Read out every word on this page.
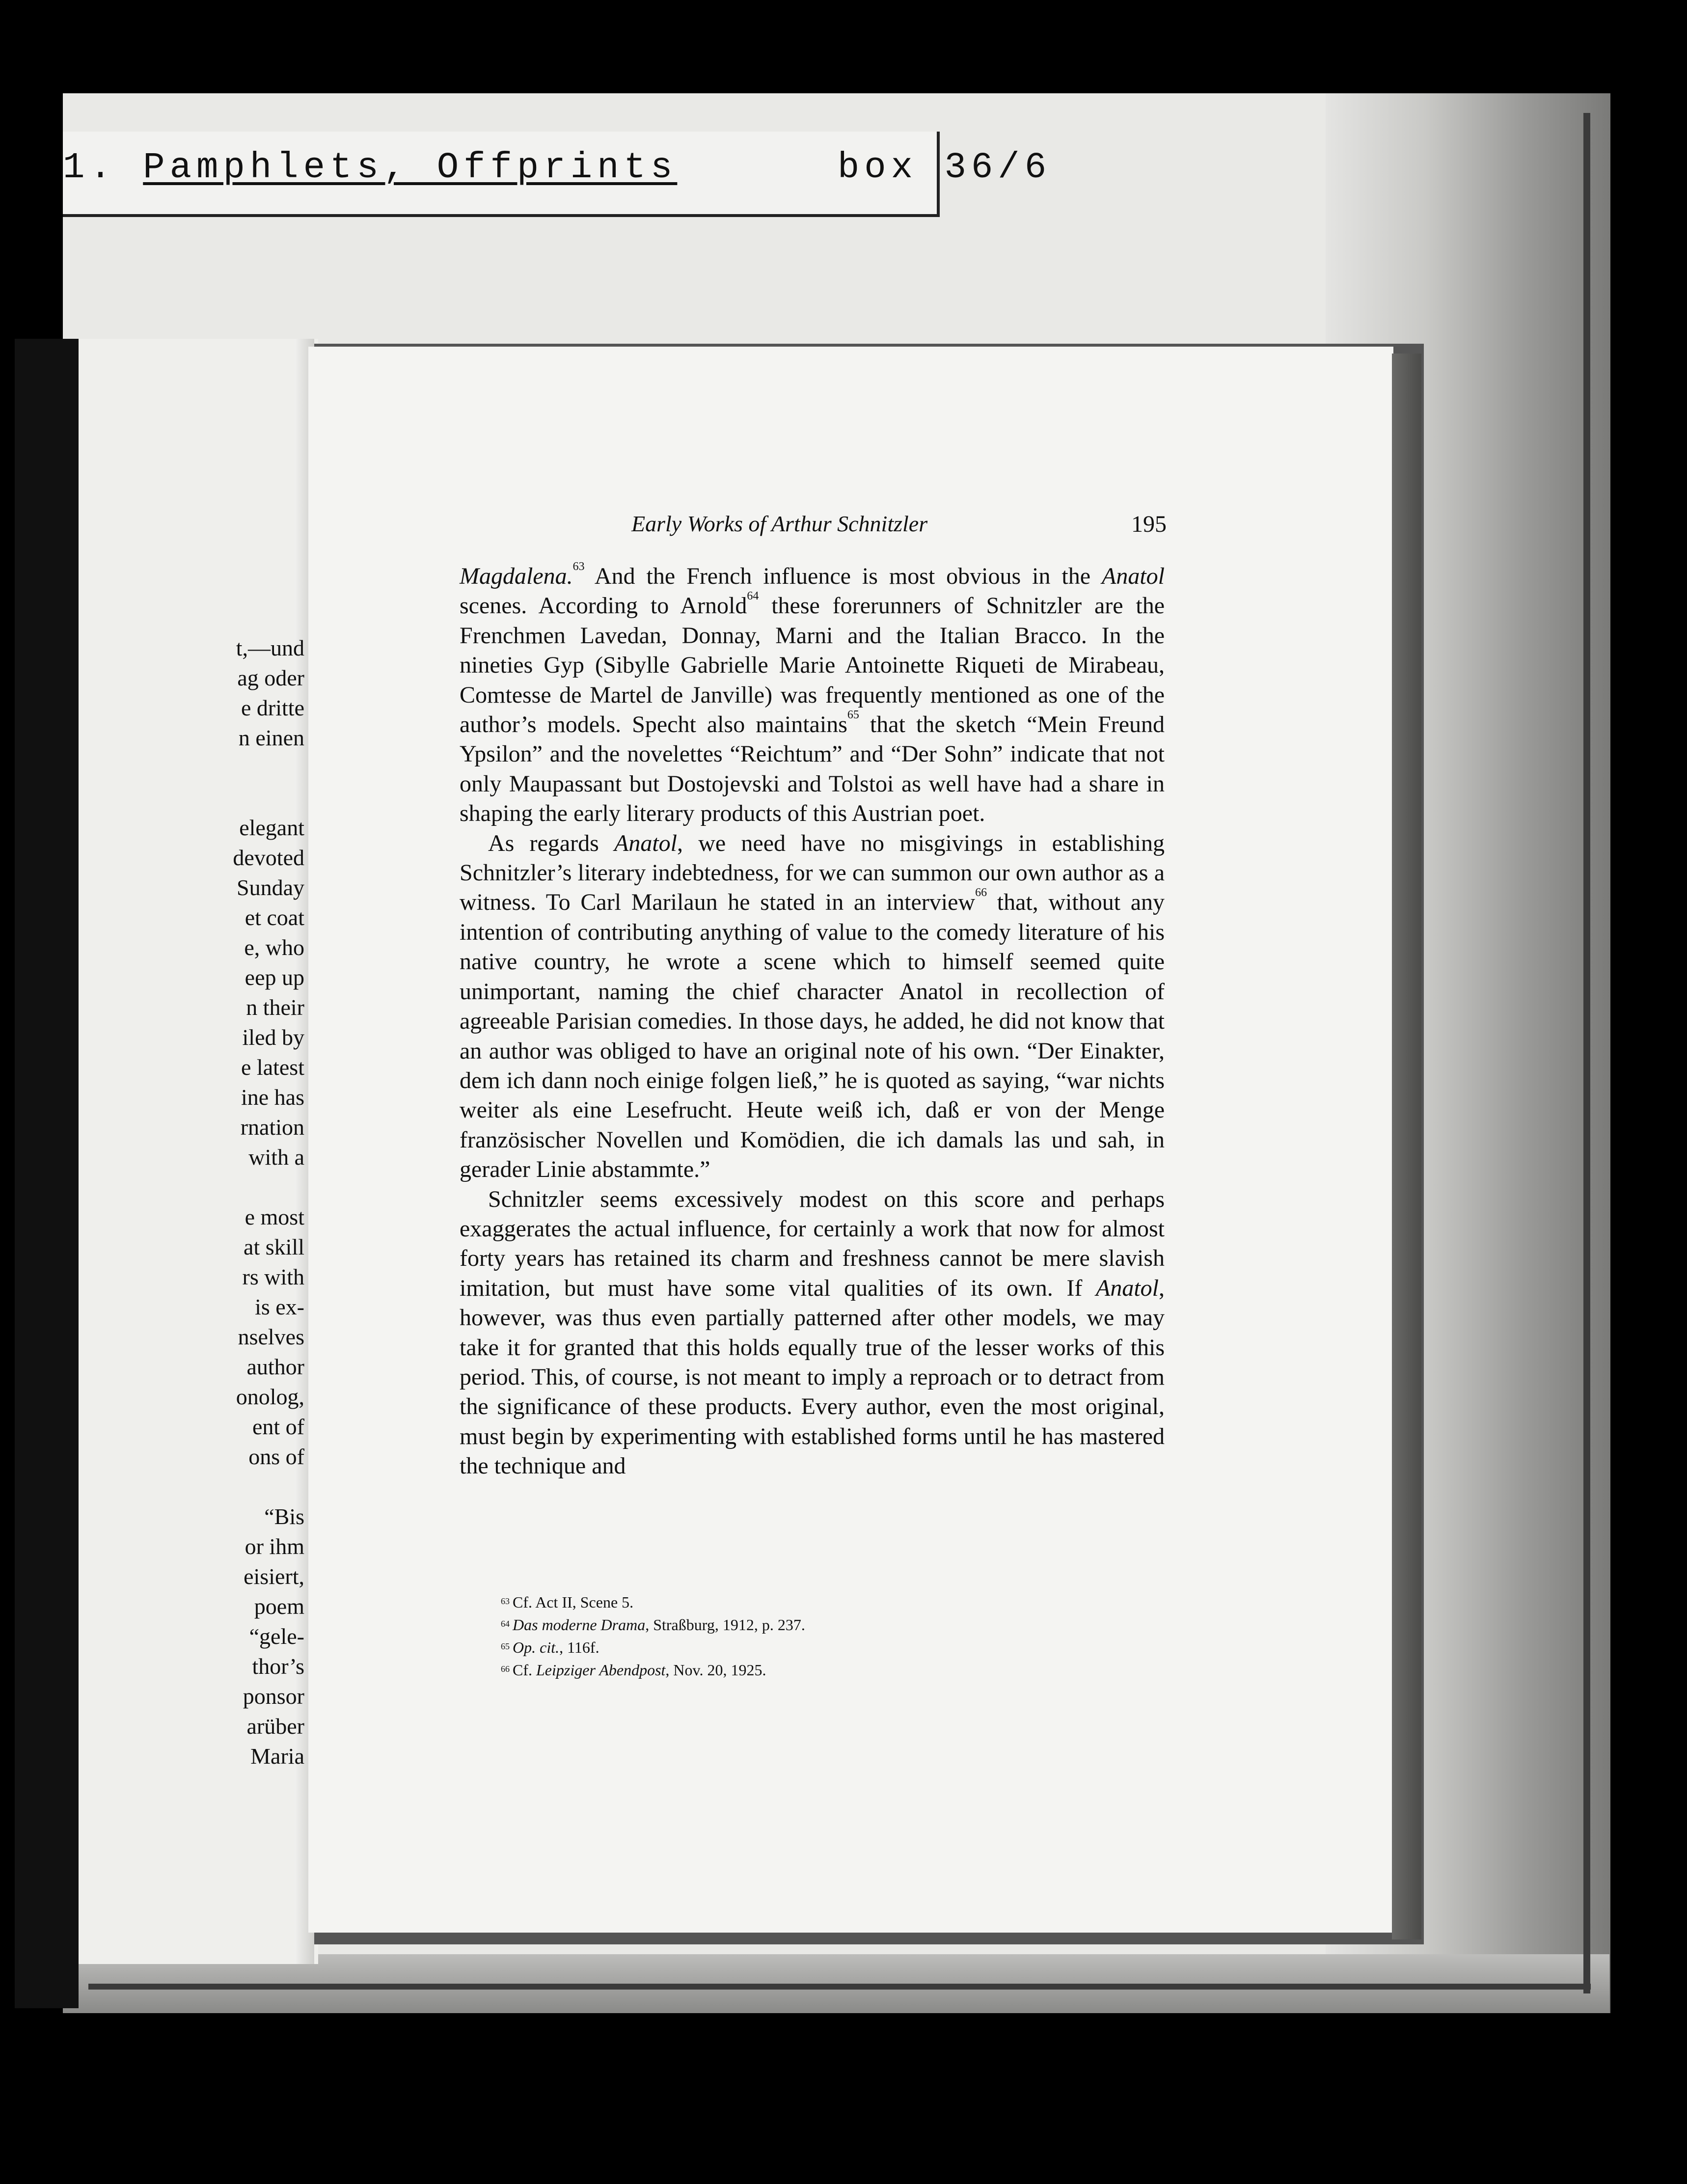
1. Pamphlets, Offprints	box 36/6
t,—und
ag oder
e dritte
n einen
elegant
devoted
Sunday
et coat
e, who
eep up
n their
iled by
e latest
ine has
rnation
with a
e most
at skill
rs with
is ex-
nselves
author
onolog,
ent of
ons of
“Bis
or ihm
eisiert,
poem
“gele-
thor’s
ponsor
arüber
Maria
Early Works of Arthur Schnitzler	195

Magdalena.$^{63}$ And the French influence is most obvious in the Anatol scenes. According to Arnold$^{64}$ these forerunners of Schnitzler are the Frenchmen Lavedan, Donnay, Marni and the Italian Bracco. In the nineties Gyp (Sibylle Gabrielle Marie Antoinette Riqueti de Mirabeau, Comtesse de Martel de Janville) was frequently mentioned as one of the author’s models. Specht also maintains$^{65}$ that the sketch “Mein Freund Ypsilon” and the novelettes “Reichtum” and “Der Sohn” indicate that not only Maupassant but Dostojevski and Tolstoi as well have had a share in shaping the early literary products of this Austrian poet.

As regards Anatol, we need have no misgivings in establishing Schnitzler’s literary indebtedness, for we can summon our own author as a witness. To Carl Marilaun he stated in an interview$^{66}$ that, without any intention of contributing anything of value to the comedy literature of his native country, he wrote a scene which to himself seemed quite unimportant, naming the chief character Anatol in recollection of agreeable Parisian comedies. In those days, he added, he did not know that an author was obliged to have an original note of his own. “Der Einakter, dem ich dann noch einige folgen ließ,” he is quoted as saying, “war nichts weiter als eine Lesefrucht. Heute weiß ich, daß er von der Menge französischer Novellen und Komödien, die ich damals las und sah, in gerader Linie abstammte.”

Schnitzler seems excessively modest on this score and perhaps exaggerates the actual influence, for certainly a work that now for almost forty years has retained its charm and freshness cannot be mere slavish imitation, but must have some vital qualities of its own. If Anatol, however, was thus even partially patterned after other models, we may take it for granted that this holds equally true of the lesser works of this period. This, of course, is not meant to imply a reproach or to detract from the significance of these products. Every author, even the most original, must begin by experimenting with established forms until he has mastered the technique and

$^{63}$ Cf. Act II, Scene 5.
$^{64}$ Das moderne Drama, Straßburg, 1912, p. 237.
$^{65}$ Op. cit., 116f.
$^{66}$ Cf. Leipziger Abendpost, Nov. 20, 1925.
